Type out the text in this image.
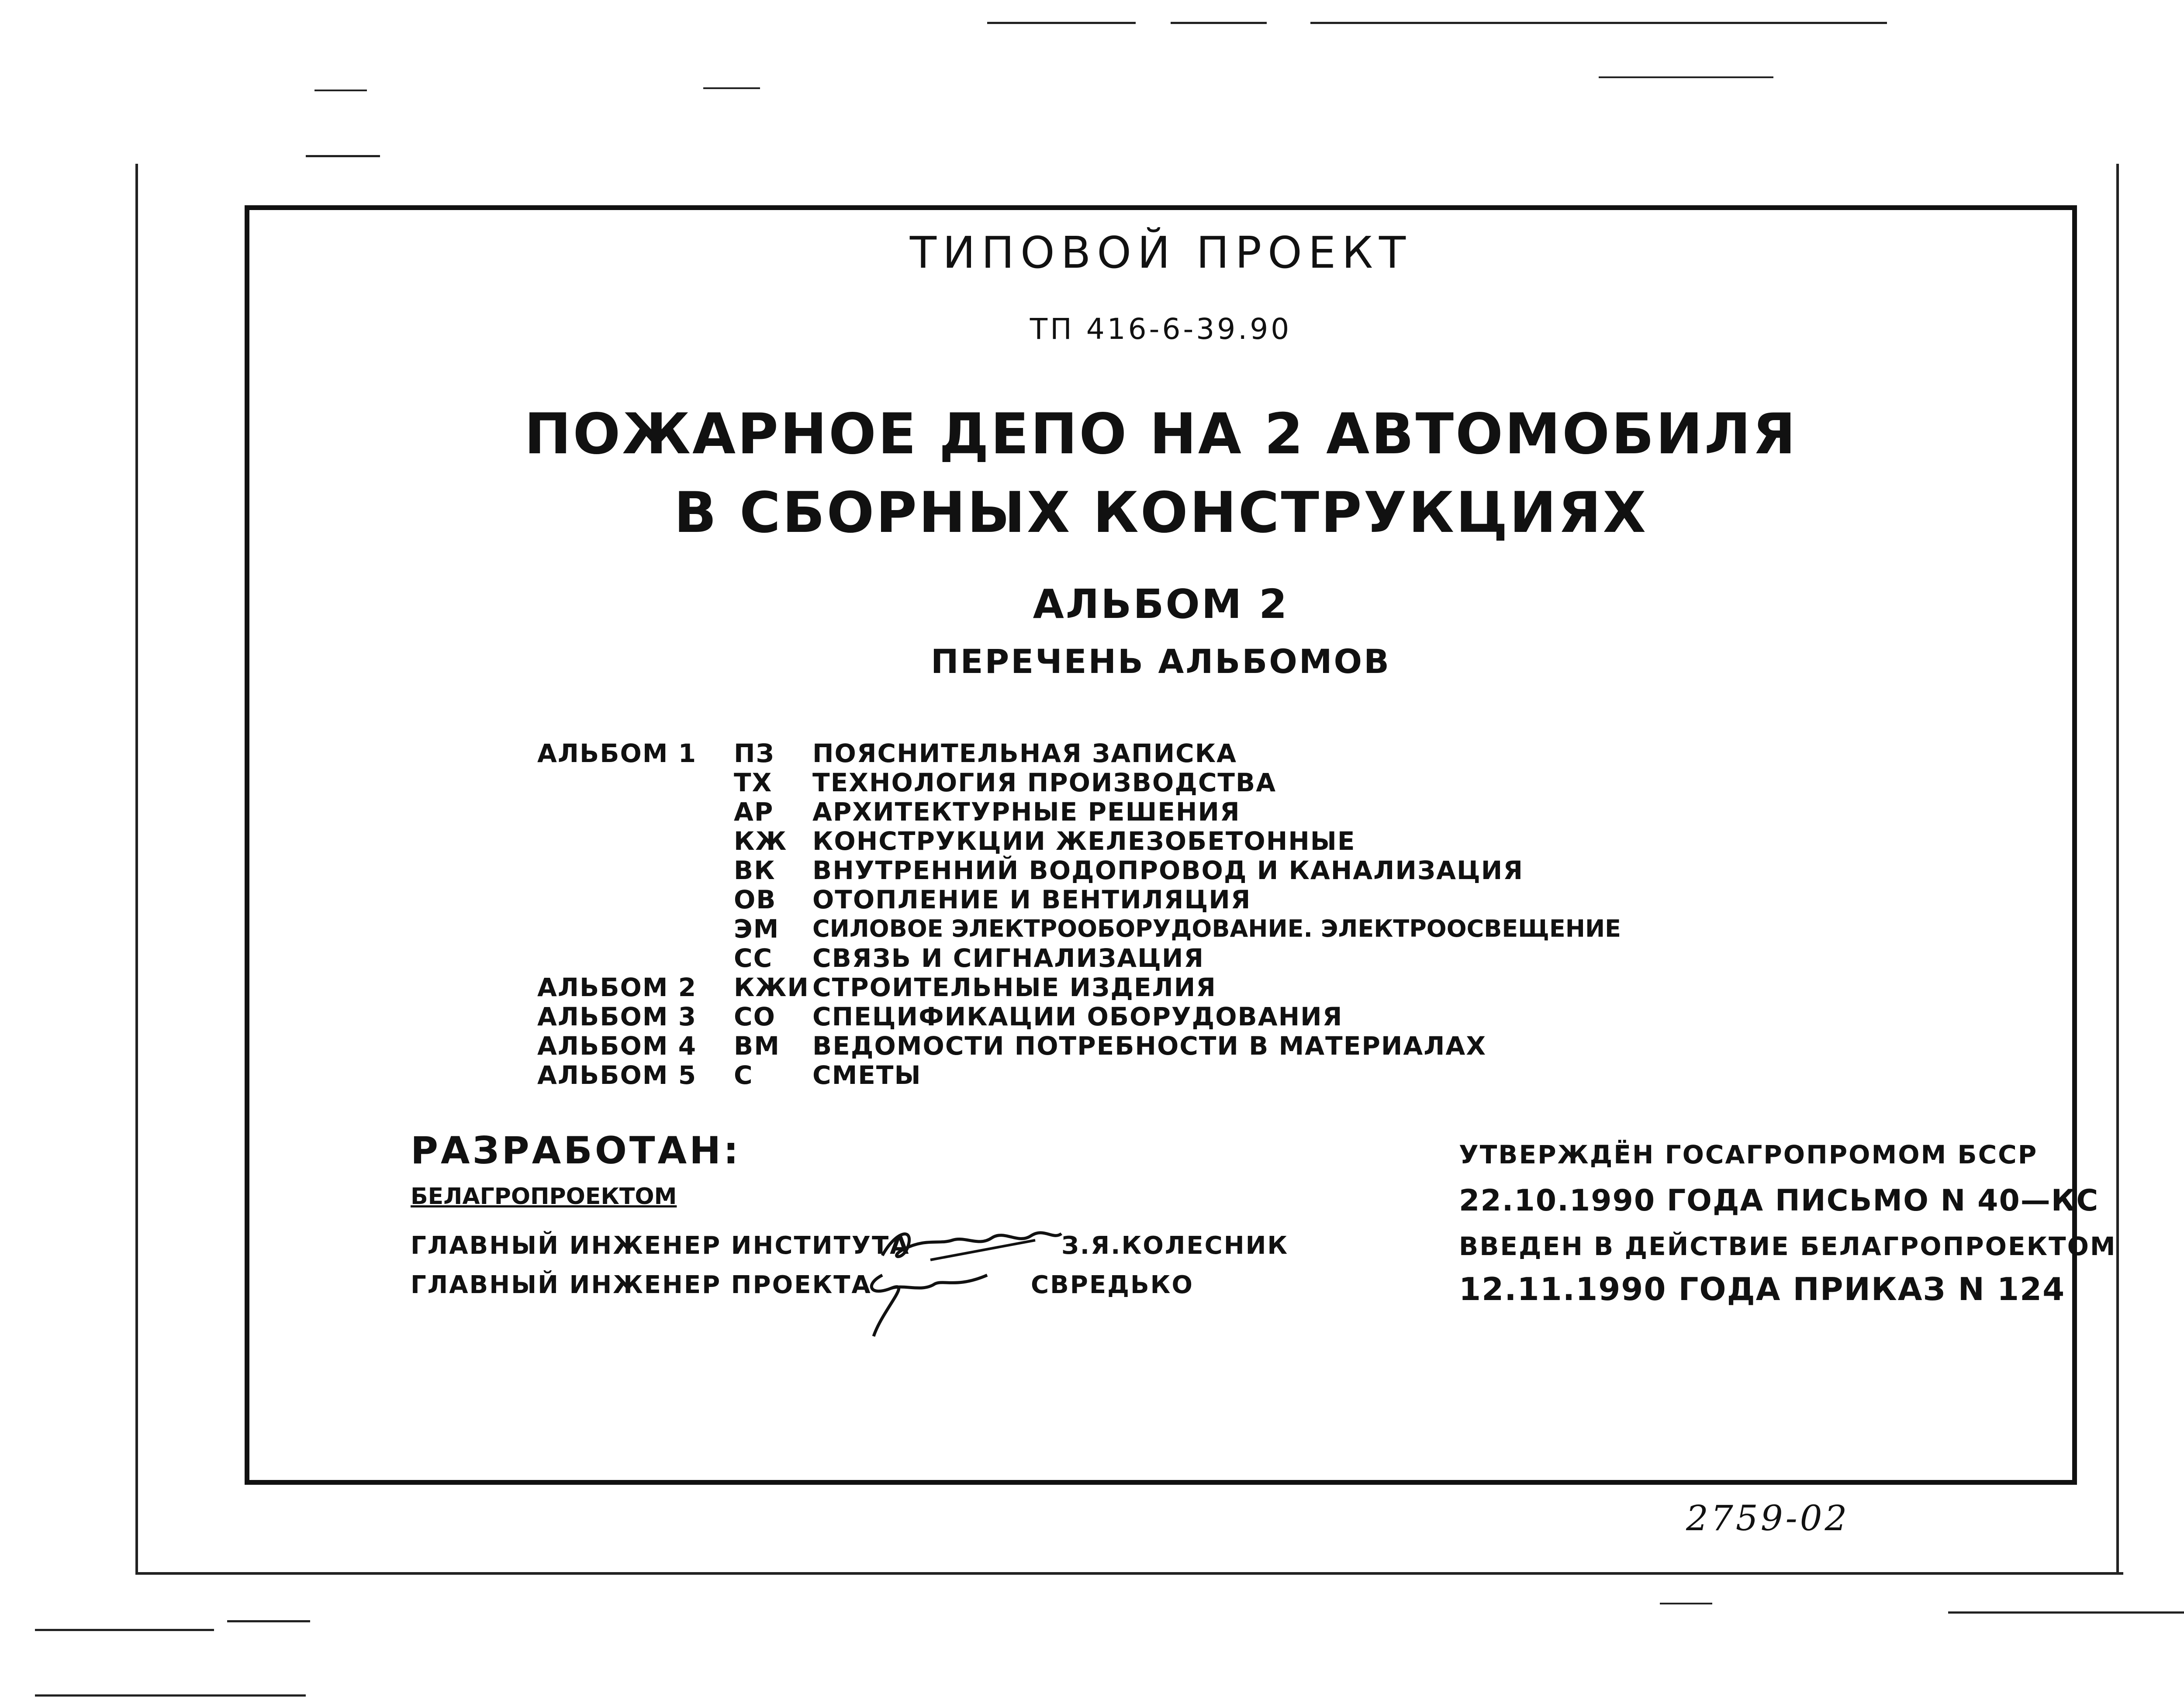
ТИПОВОЙ ПРОЕКТ
ТП 416-6-39.90
ПОЖАРНОЕ ДЕПО НА 2 АВТОМОБИЛЯ
В СБОРНЫХ КОНСТРУКЦИЯХ
АЛЬБОМ 2
ПЕРЕЧЕНЬ АЛЬБОМОВ
АЛЬБОМ 1 ПЗ ПОЯСНИТЕЛЬНАЯ ЗАПИСКА
ТХ ТЕХНОЛОГИЯ ПРОИЗВОДСТВА
АР АРХИТЕКТУРНЫЕ РЕШЕНИЯ
КЖ КОНСТРУКЦИИ ЖЕЛЕЗОБЕТОННЫЕ
ВК ВНУТРЕННИЙ ВОДОПРОВОД И КАНАЛИЗАЦИЯ
ОВ ОТОПЛЕНИЕ И ВЕНТИЛЯЦИЯ
ЭМ СИЛОВОЕ ЭЛЕКТРООБОРУДОВАНИЕ. ЭЛЕКТРООСВЕЩЕНИЕ
СС СВЯЗЬ И СИГНАЛИЗАЦИЯ
АЛЬБОМ 2 КЖИ СТРОИТЕЛЬНЫЕ ИЗДЕЛИЯ
АЛЬБОМ 3 СО СПЕЦИФИКАЦИИ ОБОРУДОВАНИЯ
АЛЬБОМ 4 ВМ ВЕДОМОСТИ ПОТРЕБНОСТИ В МАТЕРИАЛАХ
АЛЬБОМ 5 С СМЕТЫ
РАЗРАБОТАН:
БЕЛАГРОПРОЕКТОМ
ГЛАВНЫЙ ИНЖЕНЕР ИНСТИТУТА
ГЛАВНЫЙ ИНЖЕНЕР ПРОЕКТА
З.Я.КОЛЕСНИК
СВРЕДЬКО
УТВЕРЖДЁН ГОСАГРОПРОМОМ БССР
22.10.1990 ГОДА ПИСЬМО N 40—КС
ВВЕДЕН В ДЕЙСТВИЕ БЕЛАГРОПРОЕКТОМ
12.11.1990 ГОДА ПРИКАЗ N 124
2759-02
